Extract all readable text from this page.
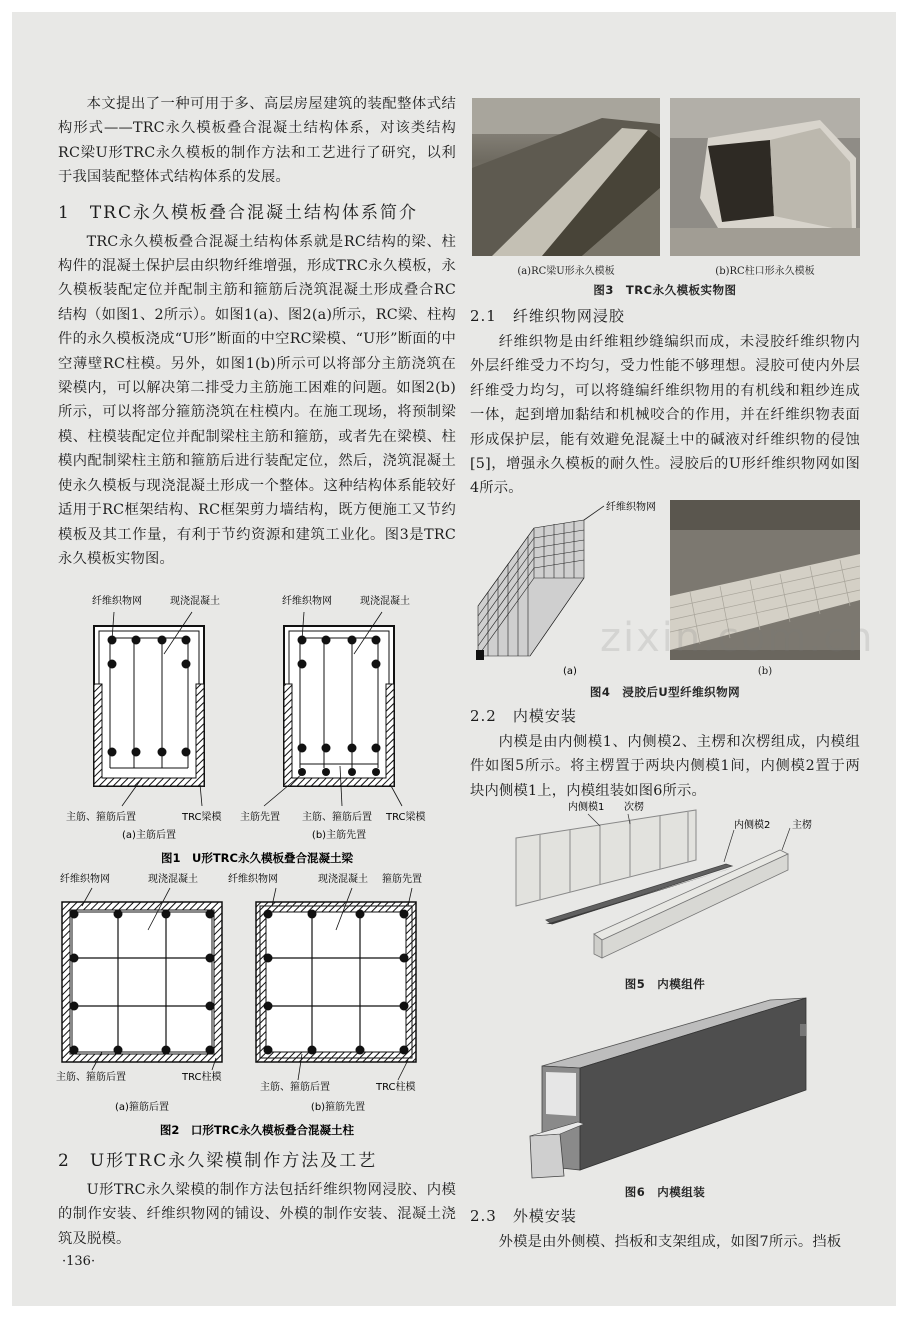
本文提出了一种可用于多、高层房屋建筑的装配整体式结构形式——TRC永久模板叠合混凝土结构体系，对该类结构RC梁U形TRC永久模板的制作方法和工艺进行了研究，以利于我国装配整体式结构体系的发展。

1　TRC永久模板叠合混凝土结构体系简介

TRC永久模板叠合混凝土结构体系就是RC结构的梁、柱构件的混凝土保护层由织物纤维增强，形成TRC永久模板，永久模板装配定位并配制主筋和箍筋后浇筑混凝土形成叠合RC结构（如图1、2所示）。如图1(a)、图2(a)所示，RC梁、柱构件的永久模板浇成“U形”断面的中空RC梁模、“U形”断面的中空薄壁RC柱模。另外，如图1(b)所示可以将部分主筋浇筑在梁模内，可以解决第二排受力主筋施工困难的问题。如图2(b)所示，可以将部分箍筋浇筑在柱模内。在施工现场，将预制梁模、柱模装配定位并配制梁柱主筋和箍筋，或者先在梁模、柱模内配制梁柱主筋和箍筋后进行装配定位，然后，浇筑混凝土使永久模板与现浇混凝土形成一个整体。这种结构体系能较好适用于RC框架结构、RC框架剪力墙结构，既方便施工又节约模板及其工作量，有利于节约资源和建筑工业化。图3是TRC永久模板实物图。

纤维织物网	现浇混凝土
主筋、箍筋后置	TRC梁模
(a)主筋后置
纤维织物网	现浇混凝土
主筋先置 主筋、箍筋后置 TRC梁模
(b)主筋先置
图1　U形TRC永久模板叠合混凝土梁
纤维织物网	现浇混凝土
主筋、箍筋后置	TRC柱模
(a)箍筋后置
纤维织物网	现浇混凝土 箍筋先置
主筋、箍筋后置	TRC柱模
(b)箍筋先置
图2　口形TRC永久模板叠合混凝土柱
2　U形TRC永久梁模制作方法及工艺

U形TRC永久梁模的制作方法包括纤维织物网浸胶、内模的制作安装、纤维织物网的铺设、外模的制作安装、混凝土浇筑及脱模。

·136·
(a)RC梁U形永久模板	(b)RC柱口形永久模板
图3　TRC永久模板实物图
2.1　纤维织物网浸胶

纤维织物是由纤维粗纱缝编织而成，未浸胶纤维织物内外层纤维受力不均匀，受力性能不够理想。浸胶可使内外层纤维受力均匀，可以将缝编纤维织物用的有机线和粗纱连成一体，起到增加黏结和机械咬合的作用，并在纤维织物表面形成保护层，能有效避免混凝土中的碱液对纤维织物的侵蚀[5]，增强永久模板的耐久性。浸胶后的U形纤维织物网如图4所示。

纤维织物网
(a)	(b)
图4　浸胶后U型纤维织物网
2.2　内模安装

内模是由内侧模1、内侧模2、主楞和次楞组成，内模组件如图5所示。将主楞置于两块内侧模1间，内侧模2置于两块内侧模1上，内模组装如图6所示。

内侧模1 次楞
内侧模2 主楞
图5　内模组件
图6　内模组装
2.3　外模安装

外模是由外侧模、挡板和支架组成，如图7所示。挡板

zixin.com.cn
